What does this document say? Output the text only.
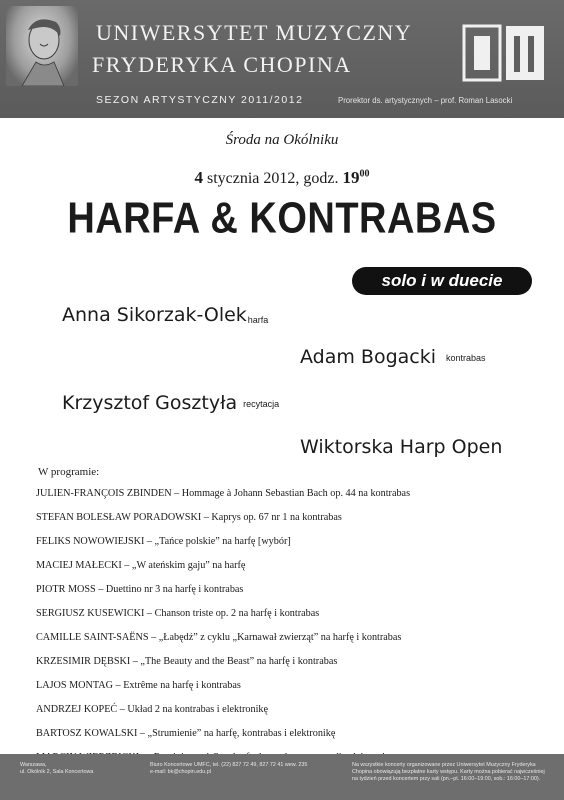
UNIWERSYTET MUZYCZNY
FRYDERYKA CHOPINA
SEZON ARTYSTYCZNY 2011/2012	Prorektor ds. artystycznych – prof. Roman Lasocki
Środa na Okólniku
4 stycznia 2012, godz. $19^{00}$
HARFA & KONTRABAS
solo i w duecie
Anna Sikorzak-Olekharfa
Adam Bogacki kontrabas
Krzysztof Gosztyła recytacja
Wiktorska Harp Open
W programie:
JULIEN-FRANÇOIS ZBINDEN – Hommage à Johann Sebastian Bach op. 44 na kontrabas
STEFAN BOLESŁAW PORADOWSKI – Kaprys op. 67 nr 1 na kontrabas
FELIKS NOWOWIEJSKI – „Tańce polskie” na harfę [wybór]
MACIEJ MAŁECKI – „W ateńskim gaju” na harfę
PIOTR MOSS – Duettino nr 3 na harfę i kontrabas
SERGIUSZ KUSEWICKI – Chanson triste op. 2 na harfę i kontrabas
CAMILLE SAINT-SAËNS – „Łabędź” z cyklu „Karnawał zwierząt” na harfę i kontrabas
KRZESIMIR DĘBSKI – „The Beauty and the Beast” na harfę i kontrabas
LAJOS MONTAG – Extrême na harfę i kontrabas
ANDRZEJ KOPEĆ – Układ 2 na kontrabas i elektronikę
BARTOSZ KOWALSKI – „Strumienie” na harfę, kontrabas i elektronikę
Warszawa,
ul. Okólnik 2, Sala Koncertowa
Biuro Koncertowe UMFC, tel. (22) 827 72 49, 827 72 41 wew. 235
e-mail: bk@chopin.edu.pl
Na wszystkie koncerty organizowane przez Uniwersytet Muzyczny Fryderyka Chopina obowiązują bezpłatne karty wstępu. Karty można pobierać najwcześniej na tydzień przed koncertem przy sali (pn.–pt. 16:00–19:00, sob.: 16:00–17:00).
